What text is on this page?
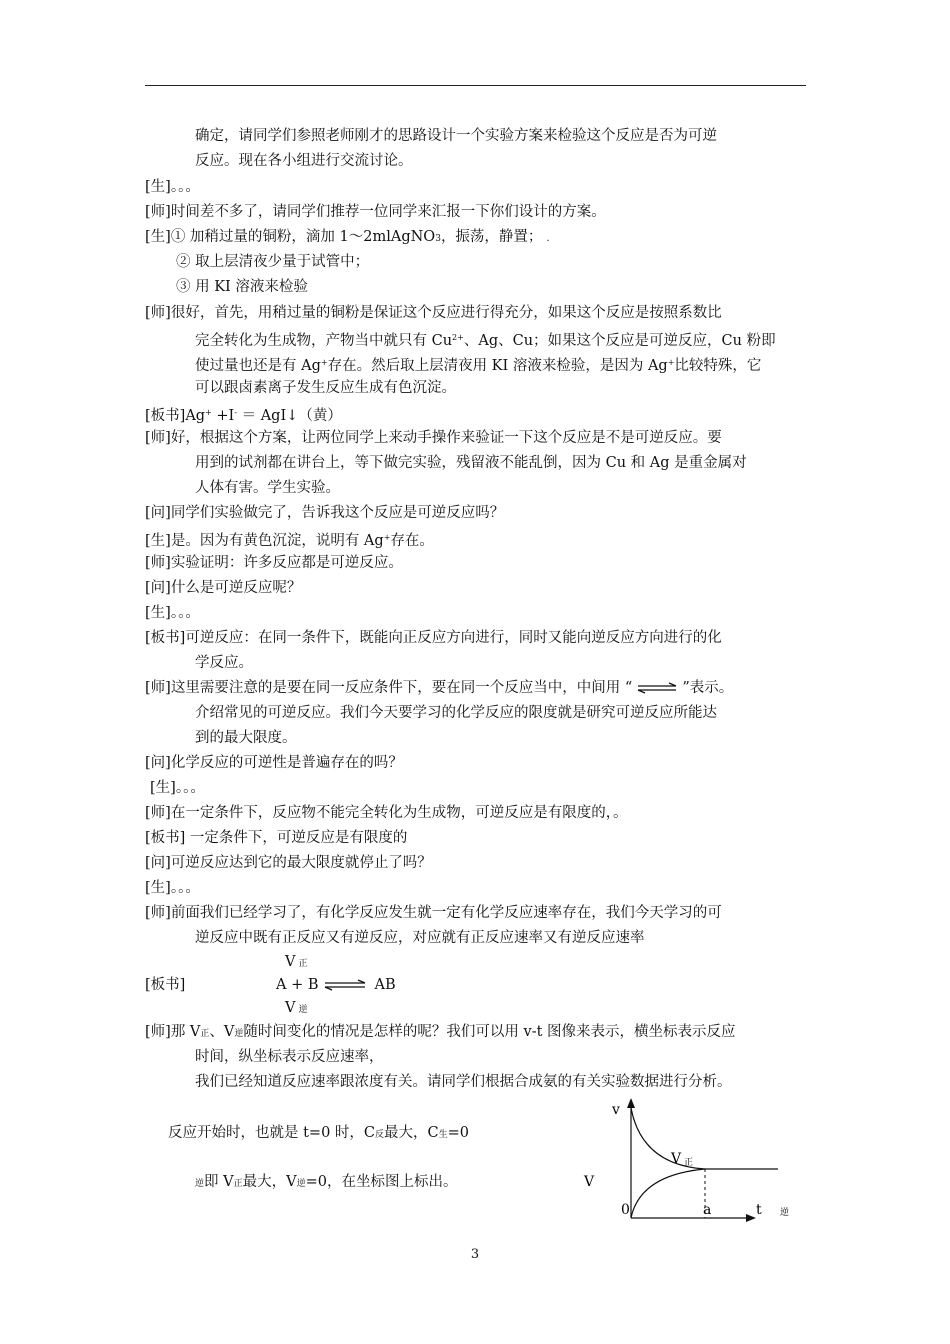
确定，请同学们参照老师刚才的思路设计一个实验方案来检验这个反应是否为可逆
反应。现在各小组进行交流讨论。
[生]。。。
[师]时间差不多了，请同学们推荐一位同学来汇报一下你们设计的方案。
[生]① 加稍过量的铜粉，滴加 1～2mlAgNO3，振荡，静置； .
② 取上层清夜少量于试管中；
③ 用 KI 溶液来检验
[师]很好，首先，用稍过量的铜粉是保证这个反应进行得充分，如果这个反应是按照系数比
完全转化为生成物，产物当中就只有 $Cu^{2+}$、Ag、Cu；如果这个反应是可逆反应，Cu 粉即
使过量也还是有 Ag+存在。然后取上层清夜用 KI 溶液来检验，是因为 Ag+比较特殊，它
可以跟卤素离子发生反应生成有色沉淀。
[板书]Ag+ +I- ＝ AgI↓（黄）
[师]好，根据这个方案，让两位同学上来动手操作来验证一下这个反应是不是可逆反应。要
用到的试剂都在讲台上，等下做完实验，残留液不能乱倒，因为 Cu 和 Ag 是重金属对
人体有害。学生实验。
[问]同学们实验做完了，告诉我这个反应是可逆反应吗？
[生]是。因为有黄色沉淀，说明有 Ag+存在。
[师]实验证明：许多反应都是可逆反应。
[问]什么是可逆反应呢？
[生]。。。
[板书]可逆反应：在同一条件下，既能向正反应方向进行，同时又能向逆反应方向进行的化
学反应。
[师]这里需要注意的是要在同一反应条件下，要在同一个反应当中，中间用 “ ⇌ ”表示。
介绍常见的可逆反应。我们今天要学习的化学反应的限度就是研究可逆反应所能达
到的最大限度。
[问]化学反应的可逆性是普遍存在的吗？
[生]。。。
[师]在一定条件下，反应物不能完全转化为生成物，可逆反应是有限度的，。
[板书] 一定条件下，可逆反应是有限度的
[问]可逆反应达到它的最大限度就停止了吗？
[生]。。。
[师]前面我们已经学习了，有化学反应发生就一定有化学反应速率存在，我们今天学习的可
逆反应中既有正反应又有逆反应，对应就有正反应速率又有逆反应速率
V正
[板书]	A + B ⇌ AB
V逆
[师]那 V正、V逆随时间变化的情况是怎样的呢？我们可以用 v-t 图像来表示，横坐标表示反应
时间，纵坐标表示反应速率，
我们已经知道反应速率跟浓度有关。请同学们根据合成氨的有关实验数据进行分析。
反应开始时，也就是 t=0 时，C反最大，C生=0
逆即 V正最大，V逆=0，在坐标图上标出。
v
t 逆
0	a
V 正
V
3
